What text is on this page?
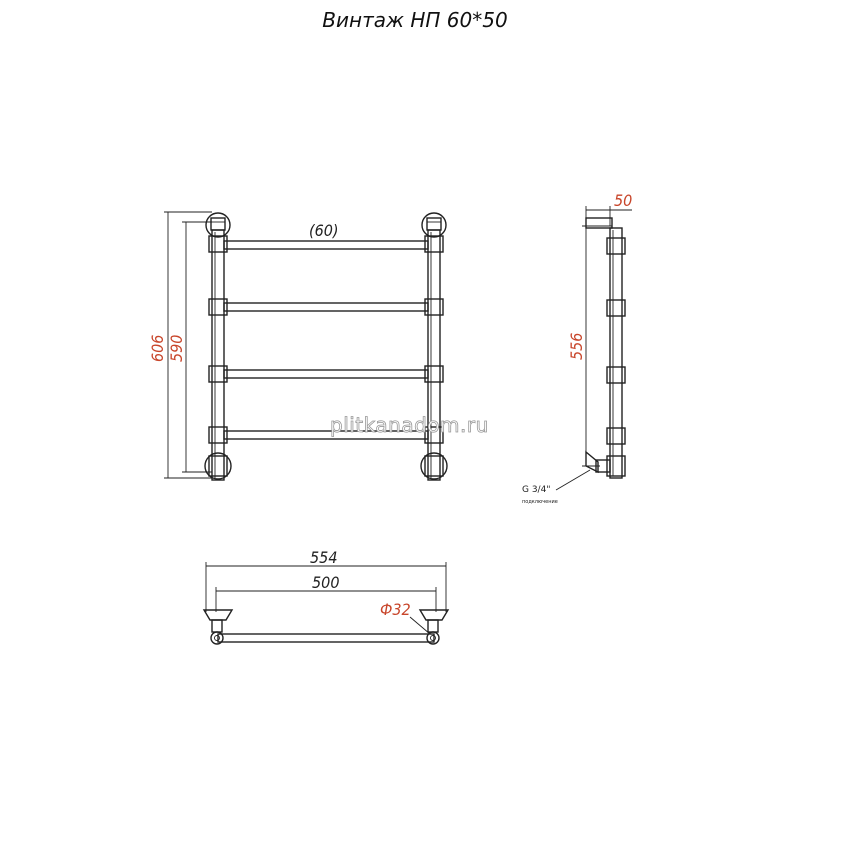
Винтаж НП 60*50
606 590
(60)
50
556
G 3/4"
подключение
554
500
Ф32
plitkanadom.ru
